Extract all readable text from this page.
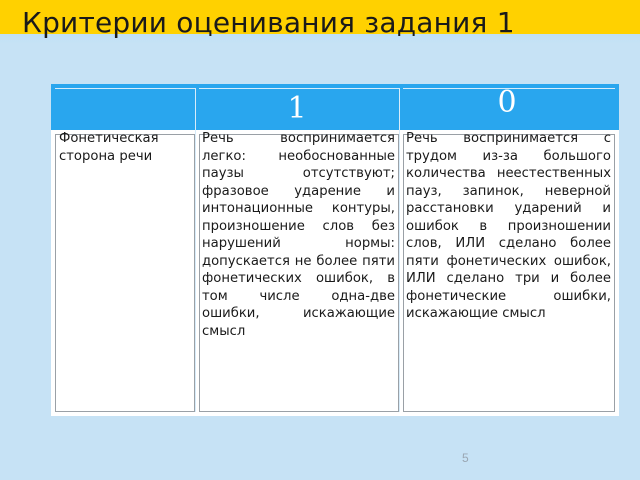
Критерии оценивания задания 1
1	0
Фонетическая сторона речи
Речь воспринимается легко: необоснованные паузы отсутствуют; фразовое ударение и интонационные контуры, произношение слов без нарушений нормы: допускается не более пяти фонетических ошибок, в том числе одна-две ошибки, искажающие смысл
Речь воспринимается с трудом из-за большого количества неестественных пауз, запинок, неверной расстановки ударений и ошибок в произношении слов, ИЛИ сделано более пяти фонетических ошибок, ИЛИ сделано три и более фонетические ошибки, искажающие смысл
5
